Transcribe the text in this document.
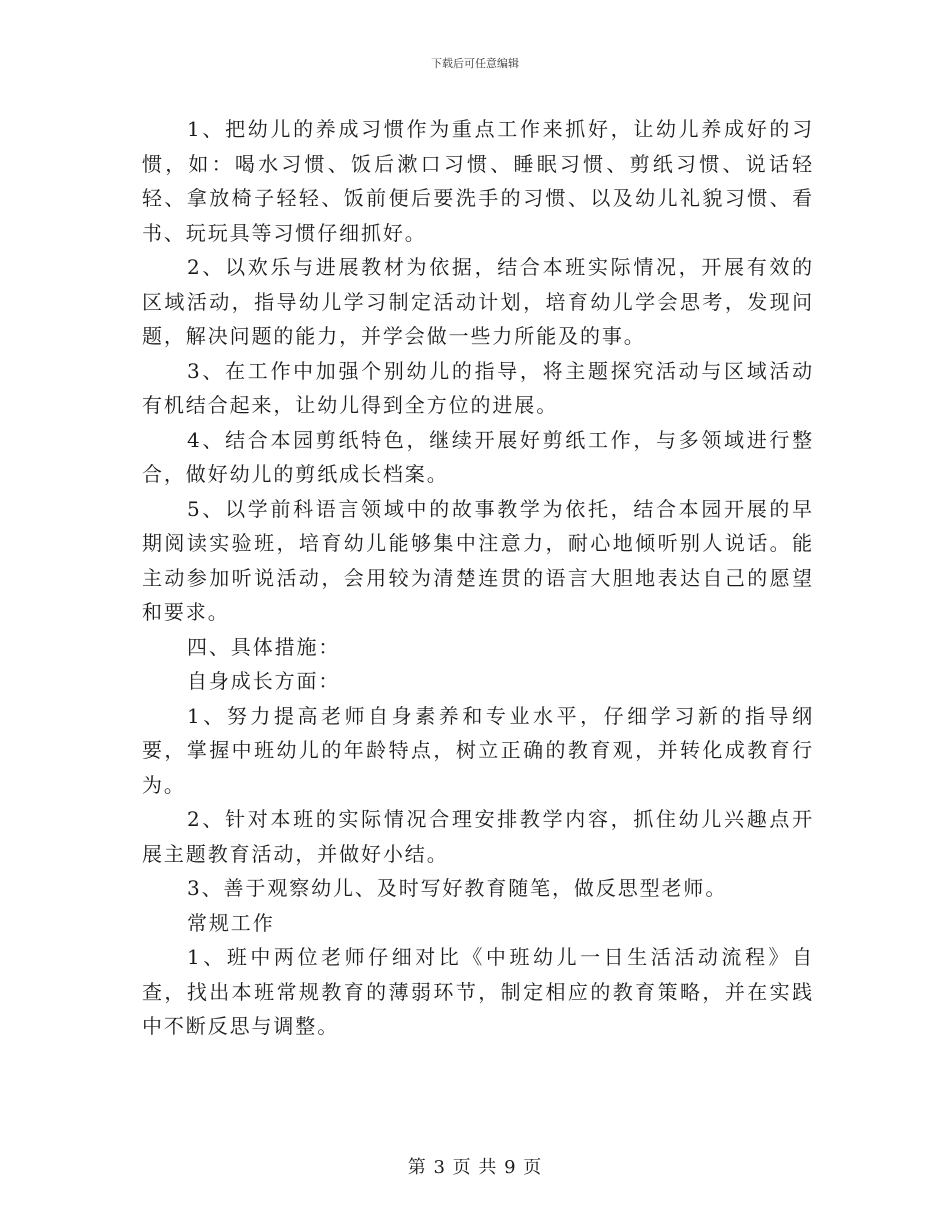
下载后可任意编辑

1、把幼儿的养成习惯作为重点工作来抓好，让幼儿养成好的习惯，如：喝水习惯、饭后漱口习惯、睡眠习惯、剪纸习惯、说话轻轻、拿放椅子轻轻、饭前便后要洗手的习惯、以及幼儿礼貌习惯、看书、玩玩具等习惯仔细抓好。

2、以欢乐与进展教材为依据，结合本班实际情况，开展有效的区域活动，指导幼儿学习制定活动计划，培育幼儿学会思考，发现问题，解决问题的能力，并学会做一些力所能及的事。

3、在工作中加强个别幼儿的指导，将主题探究活动与区域活动有机结合起来，让幼儿得到全方位的进展。

4、结合本园剪纸特色，继续开展好剪纸工作，与多领域进行整合，做好幼儿的剪纸成长档案。

5、以学前科语言领域中的故事教学为依托，结合本园开展的早期阅读实验班，培育幼儿能够集中注意力，耐心地倾听别人说话。能主动参加听说活动，会用较为清楚连贯的语言大胆地表达自己的愿望和要求。

四、具体措施：

自身成长方面：

1、努力提高老师自身素养和专业水平，仔细学习新的指导纲要，掌握中班幼儿的年龄特点，树立正确的教育观，并转化成教育行为。

2、针对本班的实际情况合理安排教学内容，抓住幼儿兴趣点开展主题教育活动，并做好小结。

3、善于观察幼儿、及时写好教育随笔，做反思型老师。

常规工作

1、班中两位老师仔细对比《中班幼儿一日生活活动流程》自查，找出本班常规教育的薄弱环节，制定相应的教育策略，并在实践中不断反思与调整。

第 3 页 共 9 页
